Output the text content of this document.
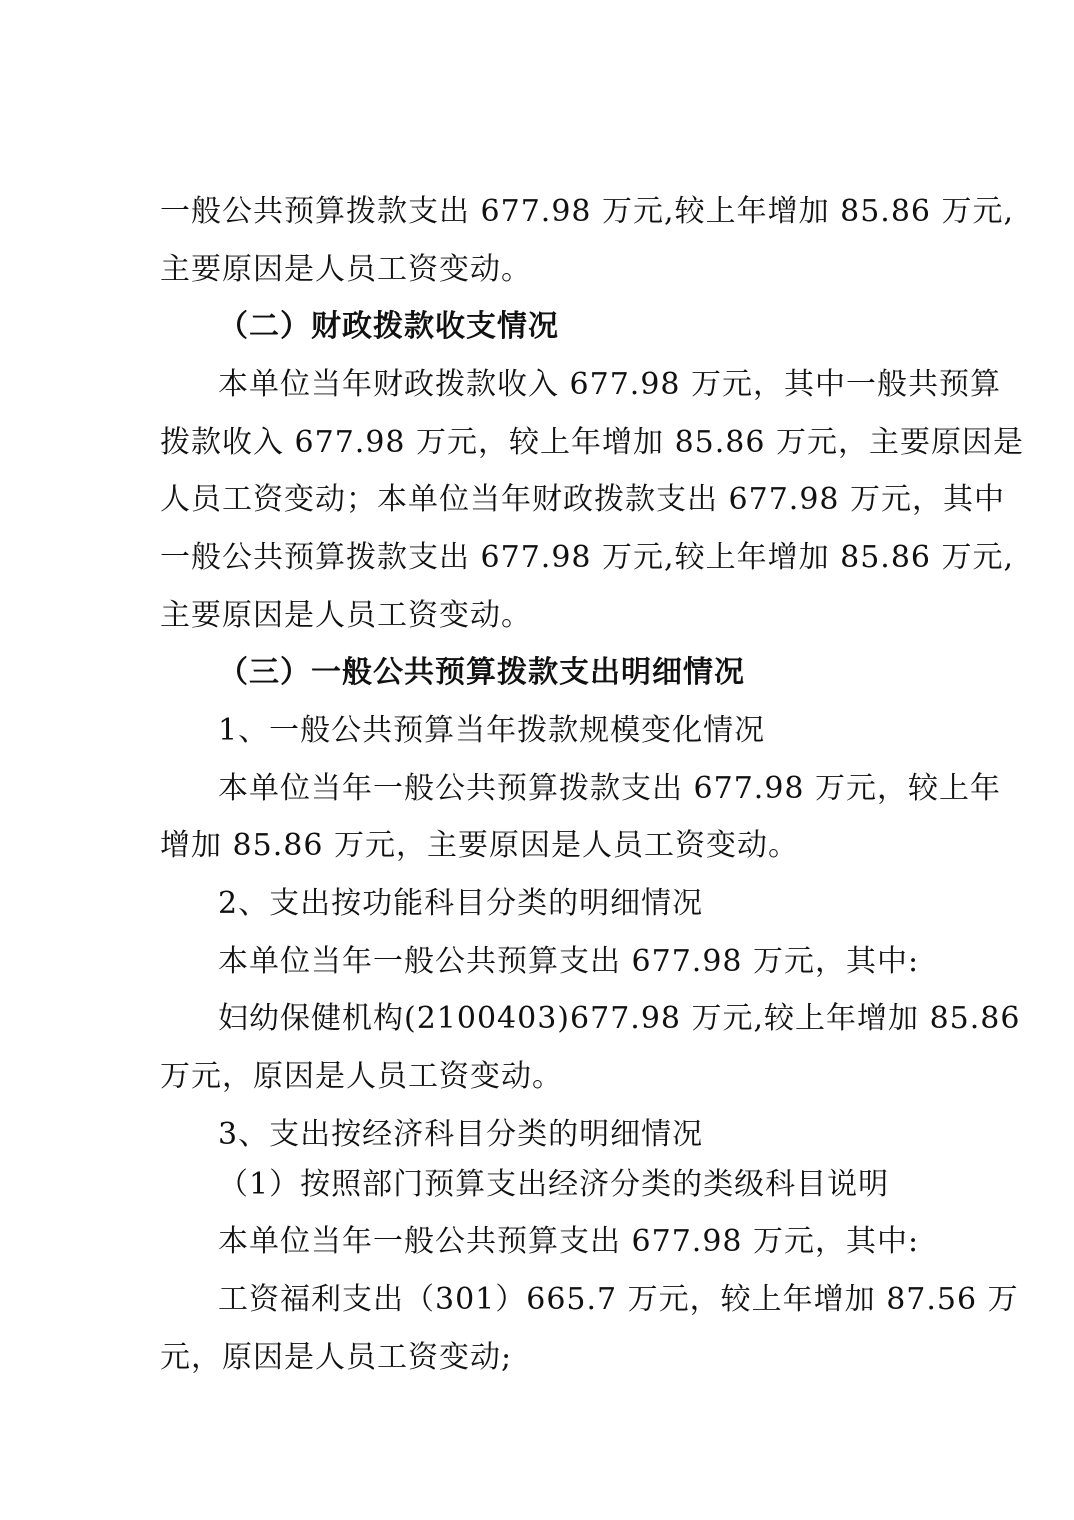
一般公共预算拨款支出 677.98 万元,较上年增加 85.86 万元,
主要原因是人员工资变动。
（二）财政拨款收支情况
本单位当年财政拨款收入 677.98 万元，其中一般共预算
拨款收入 677.98 万元，较上年增加 85.86 万元，主要原因是
人员工资变动；本单位当年财政拨款支出 677.98 万元，其中
一般公共预算拨款支出 677.98 万元,较上年增加 85.86 万元,
主要原因是人员工资变动。
（三）一般公共预算拨款支出明细情况
1、一般公共预算当年拨款规模变化情况
本单位当年一般公共预算拨款支出 677.98 万元，较上年
增加 85.86 万元，主要原因是人员工资变动。
2、支出按功能科目分类的明细情况
本单位当年一般公共预算支出 677.98 万元，其中:
妇幼保健机构(2100403)677.98 万元,较上年增加 85.86
万元，原因是人员工资变动。
3、支出按经济科目分类的明细情况
（1）按照部门预算支出经济分类的类级科目说明
本单位当年一般公共预算支出 677.98 万元，其中:
工资福利支出（301）665.7 万元，较上年增加 87.56 万
元，原因是人员工资变动;
